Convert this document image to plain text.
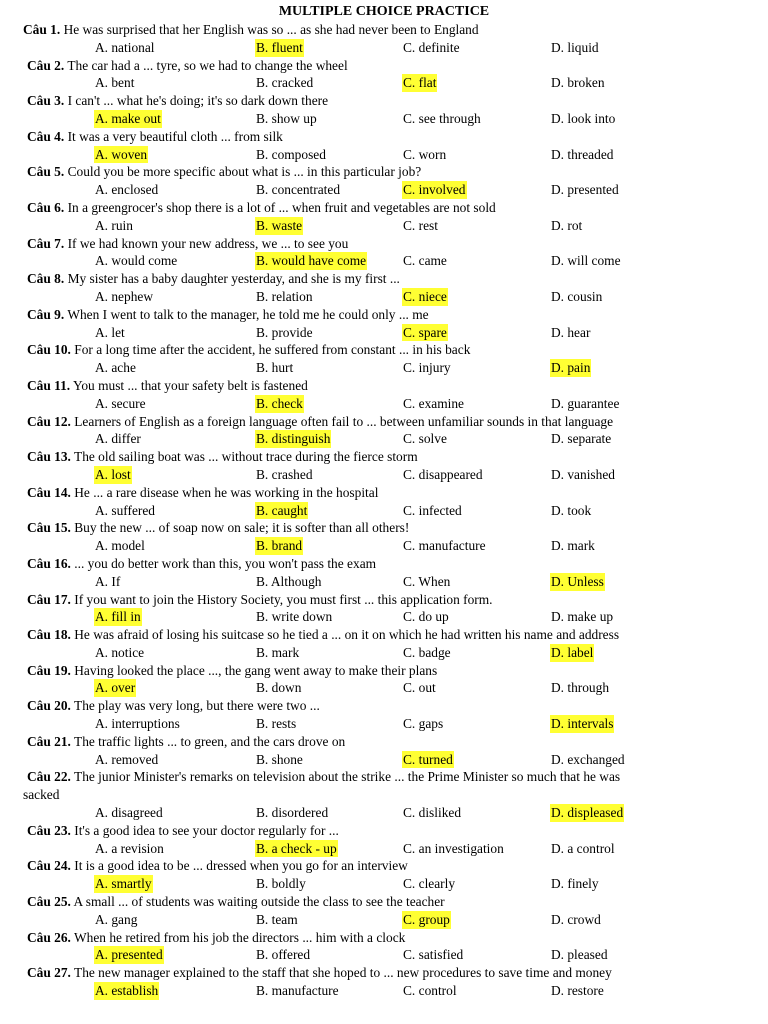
MULTIPLE CHOICE PRACTICE
Câu 1. He was surprised that her English was so ... as she had never been to England
A. national	B. fluent	C. definite	D. liquid
Câu 2. The car had a ... tyre, so we had to change the wheel
A. bent	B. cracked	C. flat	D. broken
Câu 3. I can't ... what he's doing; it's so dark down there
A. make out	B. show up	C. see through	D. look into
Câu 4. It was a very beautiful cloth ... from silk
A. woven	B. composed	C. worn	D. threaded
Câu 5. Could you be more specific about what is ... in this particular job?
A. enclosed	B. concentrated	C. involved	D. presented
Câu 6. In a greengrocer's shop there is a lot of ... when fruit and vegetables are not sold
A. ruin	B. waste	C. rest	D. rot
Câu 7. If we had known your new address, we ... to see you
A. would come	B. would have come	C. came	D. will come
Câu 8. My sister has a baby daughter yesterday, and she is my first ...
A. nephew	B. relation	C. niece	D. cousin
Câu 9. When I went to talk to the manager, he told me he could only ... me
A. let	B. provide	C. spare	D. hear
Câu 10. For a long time after the accident, he suffered from constant ... in his back
A. ache	B. hurt	C. injury	D. pain
Câu 11. You must ... that your safety belt is fastened
A. secure	B. check	C. examine	D. guarantee
Câu 12. Learners of English as a foreign language often fail to ... between unfamiliar sounds in that language
A. differ	B. distinguish	C. solve	D. separate
Câu 13. The old sailing boat was ... without trace during the fierce storm
A. lost	B. crashed	C. disappeared	D. vanished
Câu 14. He ... a rare disease when he was working in the hospital
A. suffered	B. caught	C. infected	D. took
Câu 15. Buy the new ... of soap now on sale; it is softer than all others!
A. model	B. brand	C. manufacture	D. mark
Câu 16. ... you do better work than this, you won't pass the exam
A. If	B. Although	C. When	D. Unless
Câu 17. If you want to join the History Society, you must first ... this application form.
A. fill in	B. write down	C. do up	D. make up
Câu 18. He was afraid of losing his suitcase so he tied a ... on it on which he had written his name and address
A. notice	B. mark	C. badge	D. label
Câu 19. Having looked the place ..., the gang went away to make their plans
A. over	B. down	C. out	D. through
Câu 20. The play was very long, but there were two ...
A. interruptions	B. rests	C. gaps	D. intervals
Câu 21. The traffic lights ... to green, and the cars drove on
A. removed	B. shone	C. turned	D. exchanged
Câu 22. The junior Minister's remarks on television about the strike ... the Prime Minister so much that he was
sacked
A. disagreed	B. disordered	C. disliked	D. displeased
Câu 23. It's a good idea to see your doctor regularly for ...
A. a revision	B. a check - up	C. an investigation	D. a control
Câu 24. It is a good idea to be ... dressed when you go for an interview
A. smartly	B. boldly	C. clearly	D. finely
Câu 25. A small ... of students was waiting outside the class to see the teacher
A. gang	B. team	C. group	D. crowd
Câu 26. When he retired from his job the directors ... him with a clock
A. presented	B. offered	C. satisfied	D. pleased
Câu 27. The new manager explained to the staff that she hoped to ... new procedures to save time and money
A. establish	B. manufacture	C. control	D. restore
